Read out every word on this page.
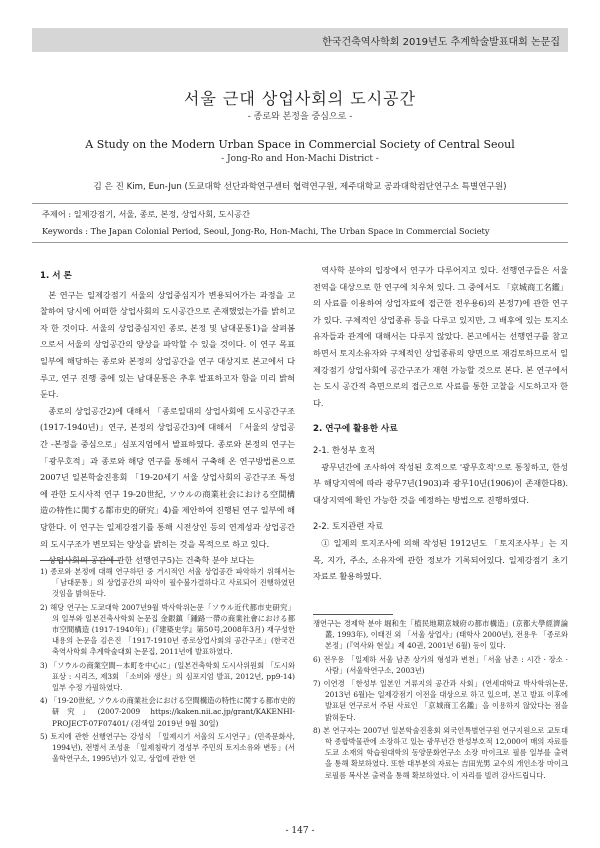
한국건축역사학회 2019년도 추계학술발표대회 논문집
서울 근대 상업사회의 도시공간
- 종로와 본정을 중심으로 -
A Study on the Modern Urban Space in Commercial Society of Central Seoul
- Jong-Ro and Hon-Machi District -
김 은 진 Kim, Eun-Jun (도쿄대학 선단과학연구센터 협력연구원, 제주대학교 공과대학컴단연구소 특별연구원)
주제어 : 일제강점기, 서울, 종로, 본정, 상업사회, 도시공간
Keywords : The Japan Colonial Period, Seoul, Jong-Ro, Hon-Machi, The Urban Space in Commercial Society
1. 서 론

본 연구는 일제강점기 서울의 상업중심지가 변용되어가는 과정을 고찰하여 당시에 어떠한 상업사회의 도시공간으로 존재했었는가를 밝히고자 한 것이다. 서울의 상업중심지인 종로, 본정 및 남대문통1)을 살펴봄으로서 서울의 상업공간의 양상을 파악할 수 있을 것이다. 이 연구 목표 일부에 해당하는 종로와 본정의 상업공간을 연구 대상지로 본고에서 다루고, 연구 진행 중에 있는 남대문통은 추후 발표하고자 함을 미리 밝혀둔다.

종로의 상업공간2)에 대해서 「종로일대의 상업사회에 도시공간구조 (1917-1940년)」연구, 본정의 상업공간3)에 대해서 「서울의 상업공간 -본정을 중심으로」심포지엄에서 발표하였다. 종로와 본정의 연구는 「광무호적」과 종로와 해당 연구를 통해서 구축해 온 연구방법론으로 2007년 일본학술진흥회 「19-20세기 서울 상업사회의 공간구조 특성에 관한 도시사적 연구 19-20世紀, ソウルの商業社会における空間構造の特性に関する都市史的研究」4)를 제안하여 진행된 연구 일부에 해당한다. 이 연구는 일제강점기를 통해 시전상인 등의 연계성과 상업공간의 도시구조가 변모되는 양상을 밝히는 것을 목적으로 하고 있다.

상업사회의 공간에 관한 선행연구5)는 건축학 분야 보다는

역사학 분야의 입장에서 연구가 다루어지고 있다. 선행연구들은 서울 전역을 대상으로 한 연구에 치우쳐 있다. 그 중에서도 「京城商工名鑑」의 사료를 이용하여 상업자료에 접근한 전우용6)의 본정7)에 관한 연구가 있다. 구체적인 상업종류 등을 다루고 있지만, 그 배후에 있는 토지소유자들과 관계에 대해서는 다루지 않았다. 본고에서는 선행연구를 참고하면서 토지소유자와 구체적인 상업종류의 양면으로 재검토하므로서 일제강점기 상업사회에 공간구조가 재현 가능할 것으로 본다. 본 연구에서는 도시 공간적 측면으로의 접근으로 사료를 통한 고찰을 시도하고자 한다.

2. 연구에 활용한 사료
2-1. 한성부 호적

광무년간에 조사하여 작성된 호적으로 '광무호적'으로 통칭하고, 한성부 해당지역에 따라 광무7년(1903)과 광무10년(1906)이 존재한다8). 대상지역에 확인 가능한 것을 예정하는 방법으로 진행하였다.

2-2. 토지관련 자료

① 일제의 토지조사에 의해 작성된 1912년도 「토지조사부」는 지목, 지가, 주소, 소유자에 관한 정보가 기록되어있다. 일제강점기 초기 자료로 활용하였다.

1) 종로와 본정에 대해 연구하던 중 거시적인 서울 상업공간 파악하기 위해서는 「남대문통」의 상업공간의 파악이 필수불가결하다고 사료되어 진행하였던 것임을 밝혀둔다.
2) 해당 연구는 도쿄대학 2007년9월 박사학위논문「ソウル近代都市史研究」의 일부와 일본건축사학회 논문집 金銀鎮「鍾路一帶の商業社會における都市空間構造 (1917-1940年)」(『建築史学』第50号,2008年3月) 재구성한 내용의 논문을 김은진 「1917-1910년 종로상업사회의 공간구조」(한국건축역사학회 추계학술대회 논문집, 2011년에 발표하였다.
3) 「ソウルの商業空間ー本町を中心に」(일본건축학회 도시사위원회 「도시와 표상 : 시리즈, 제3회 「소비와 생산」의 심포지엄 발표, 2012년, pp9-14) 일부 수정 가필하였다.
4) 「19-20世紀, ソウルの商業社会における空間構造の特性に関する都市史的研究」(2007-2009 https://kaken.nii.ac.jp/grant/KAKENHI-PROJECT-07F07401/ (검색일 2019년 9월 30일)
5) 토지에 관한 선행연구는 강성식 「일제시기 서울의 도시연구」(민족문화사, 1994년), 전병서 조성윤 「일제침략기 경성부 주민의 토지소유와 변동」(서울학연구소, 1995년)가 있고, 상업에 관한 연
쟁연구는 경제학 분야 堀和生「植民地期京城府の都市構造」(京都大學經濟論叢, 1993年), 이태진 외 「서울 상업사」(태학사 2000년), 전용우 「종로와 본정」(『역사와 현실』제 40권, 2001년 6월) 등이 있다.
6) 전우용 「일제하 서울 남촌 상가의 형성과 변천」「서울 남촌 : 시간 · 장소 · 사람」(서울학연구소, 2003년)
7) 이연경 「한성부 일본인 거류지의 공간과 사회」(연세대학교 박사학위논문, 2013년 6월)는 일제강점기 이전을 대상으로 하고 있으며, 본고 발표 이후에 발표된 연구로서 주된 사료인 「京城商工名鑑」을 이용하지 않았다는 점을 밝혀둔다.
8) 본 연구자는 2007년 일본학술진흥회 외국인특별연구원 연구지원으로 교토대학 종합박물관에 소장하고 있는 광무년간 한성부호적 12,000여 매의 자료를 도쿄 소재의 학습원대학의 동양문화연구소 소장 마이크로 필름 일부를 출력을 통해 확보하였다. 또한 대부분의 자료는 吉田光男 교수의 개인소장 마이크로필름 복사본 출력을 통해 확보하였다. 이 자리를 빌려 감사드립니다.
- 147 -
